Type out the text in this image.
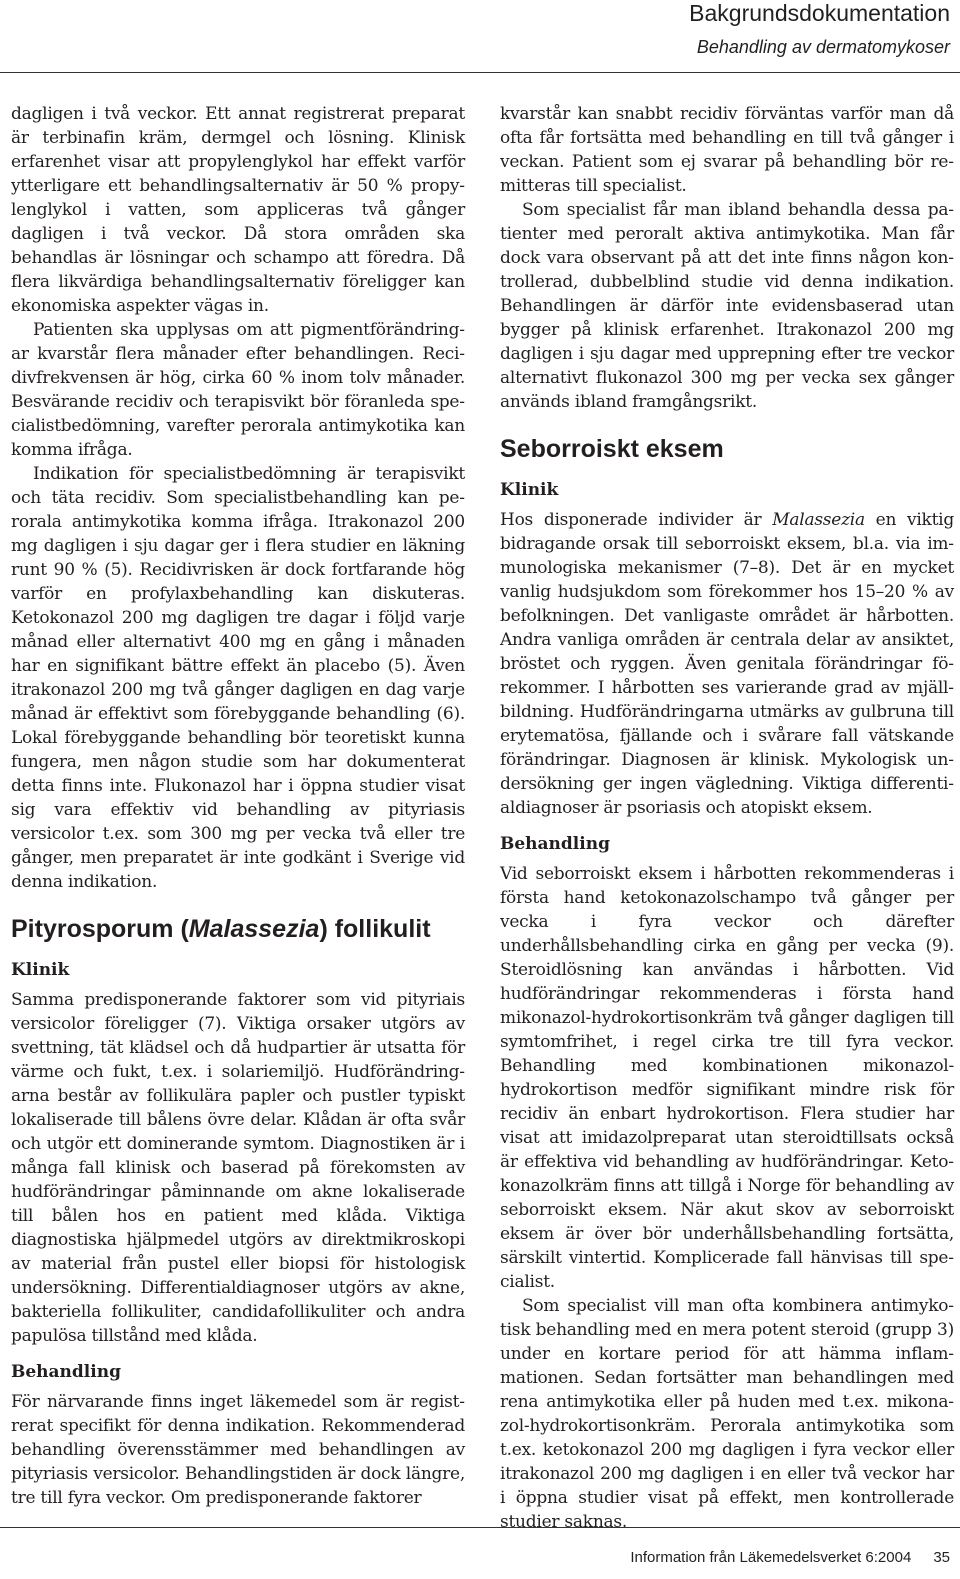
Bakgrundsdokumentation
Behandling av dermatomykoser

dagligen i två veckor. Ett annat registrerat preparat är terbinafin kräm, dermgel och lösning. Klinisk erfarenhet visar att propylenglykol har effekt varför ytterligare ett behandlingsalternativ är 50 % propylenglykol i vatten, som appliceras två gånger dagligen i två veckor. Då stora områden ska behandlas är lösningar och schampo att föredra. Då flera likvärdiga behandlingsalternativ föreligger kan ekonomiska aspekter vägas in.

Patienten ska upplysas om att pigmentförändringar kvarstår flera månader efter behandlingen. Recidivfrekvensen är hög, cirka 60 % inom tolv månader. Besvärande recidiv och terapisvikt bör föranleda specialistbedömning, varefter perorala antimykotika kan komma ifråga.

Indikation för specialistbedömning är terapisvikt och täta recidiv. Som specialistbehandling kan perorala antimykotika komma ifråga. Itrakonazol 200 mg dagligen i sju dagar ger i flera studier en läkning runt 90 % (5). Recidivrisken är dock fortfarande hög varför en profylaxbehandling kan diskuteras. Ketokonazol 200 mg dagligen tre dagar i följd varje månad eller alternativt 400 mg en gång i månaden har en signifikant bättre effekt än placebo (5). Även itrakonazol 200 mg två gånger dagligen en dag varje månad är effektivt som förebyggande behandling (6). Lokal förebyggande behandling bör teoretiskt kunna fungera, men någon studie som har dokumenterat detta finns inte. Flukonazol har i öppna studier visat sig vara effektiv vid behandling av pityriasis versicolor t.ex. som 300 mg per vecka två eller tre gånger, men preparatet är inte godkänt i Sverige vid denna indikation.

Pityrosporum (Malassezia) follikulit
Klinik

Samma predisponerande faktorer som vid pityriais versicolor föreligger (7). Viktiga orsaker utgörs av svettning, tät klädsel och då hudpartier är utsatta för värme och fukt, t.ex. i solariemiljö. Hudförändringarna består av follikulära papler och pustler typiskt lokaliserade till bålens övre delar. Klådan är ofta svår och utgör ett dominerande symtom. Diagnostiken är i många fall klinisk och baserad på förekomsten av hudförändringar påminnande om akne lokaliserade till bålen hos en patient med klåda. Viktiga diagnostiska hjälpmedel utgörs av direktmikroskopi av material från pustel eller biopsi för histologisk undersökning. Differentialdiagnoser utgörs av akne, bakteriella follikuliter, candidafollikuliter och andra papulösa tillstånd med klåda.

Behandling

För närvarande finns inget läkemedel som är registrerat specifikt för denna indikation. Rekommenderad behandling överensstämmer med behandlingen av pityriasis versicolor. Behandlingstiden är dock längre, tre till fyra veckor. Om predisponerande faktorer

kvarstår kan snabbt recidiv förväntas varför man då ofta får fortsätta med behandling en till två gånger i veckan. Patient som ej svarar på behandling bör remitteras till specialist.

Som specialist får man ibland behandla dessa patienter med peroralt aktiva antimykotika. Man får dock vara observant på att det inte finns någon kontrollerad, dubbelblind studie vid denna indikation. Behandlingen är därför inte evidensbaserad utan bygger på klinisk erfarenhet. Itrakonazol 200 mg dagligen i sju dagar med upprepning efter tre veckor alternativt flukonazol 300 mg per vecka sex gånger används ibland framgångsrikt.

Seborroiskt eksem
Klinik

Hos disponerade individer är Malassezia en viktig bidragande orsak till seborroiskt eksem, bl.a. via immunologiska mekanismer (7–8). Det är en mycket vanlig hudsjukdom som förekommer hos 15–20 % av befolkningen. Det vanligaste området är hårbotten. Andra vanliga områden är centrala delar av ansiktet, bröstet och ryggen. Även genitala förändringar förekommer. I hårbotten ses varierande grad av mjällbildning. Hudförändringarna utmärks av gulbruna till erytematösa, fjällande och i svårare fall vätskande förändringar. Diagnosen är klinisk. Mykologisk undersökning ger ingen vägledning. Viktiga differentialdiagnoser är psoriasis och atopiskt eksem.

Behandling

Vid seborroiskt eksem i hårbotten rekommenderas i första hand ketokonazolschampo två gånger per vecka i fyra veckor och därefter underhållsbehandling cirka en gång per vecka (9). Steroidlösning kan användas i hårbotten. Vid hudförändringar rekommenderas i första hand mikonazol-hydrokortisonkräm två gånger dagligen till symtomfrihet, i regel cirka tre till fyra veckor. Behandling med kombinationen mikonazol-hydrokortison medför signifikant mindre risk för recidiv än enbart hydrokortison. Flera studier har visat att imidazolpreparat utan steroidtillsats också är effektiva vid behandling av hudförändringar. Ketokonazolkräm finns att tillgå i Norge för behandling av seborroiskt eksem. När akut skov av seborroiskt eksem är över bör underhållsbehandling fortsätta, särskilt vintertid. Komplicerade fall hänvisas till specialist.

Som specialist vill man ofta kombinera antimykotisk behandling med en mera potent steroid (grupp 3) under en kortare period för att hämma inflammationen. Sedan fortsätter man behandlingen med rena antimykotika eller på huden med t.ex. mikonazol-hydrokortisonkräm. Perorala antimykotika som t.ex. ketokonazol 200 mg dagligen i fyra veckor eller itrakonazol 200 mg dagligen i en eller två veckor har i öppna studier visat på effekt, men kontrollerade studier saknas.

Information från Läkemedelsverket 6:2004 35
